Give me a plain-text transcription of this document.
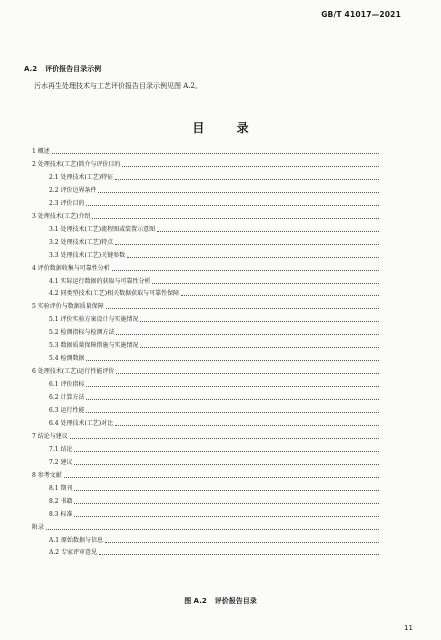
GB/T 41017—2021
A.2 评价报告目录示例
污水再生处理技术与工艺评价报告目录示例见图 A.2。
目 录
1 概述
2 处理技术(工艺)简介与评价目的
2.1 处理技术(工艺)特征
2.2 评价边界条件
2.3 评价目的
3 处理技术(工艺)介绍
3.1 处理技术(工艺)流程图或装置示意图
3.2 处理技术(工艺)特点
3.3 处理技术(工艺)关键参数
4 评价数据收集与可靠性分析
4.1 实际运行数据的获取与可靠性分析
4.2 同类型技术(工艺)相关数据获取与可靠性保障
5 实验评价与数据质量保障
5.1 评价实验方案设计与实施情况
5.2 检测指标与检测方法
5.3 数据质量保障措施与实施情况
5.4 检测数据
6 处理技术(工艺)运行性能评价
6.1 评价指标
6.2 计算方法
6.3 运行性能
6.4 处理技术(工艺)对比
7 结论与建议
7.1 结论
7.2 建议
8 参考文献
8.1 期刊
8.2 书籍
8.3 标准
附录
A.1 原始数据与信息
A.2 专家评审意见
图 A.2 评价报告目录
11
